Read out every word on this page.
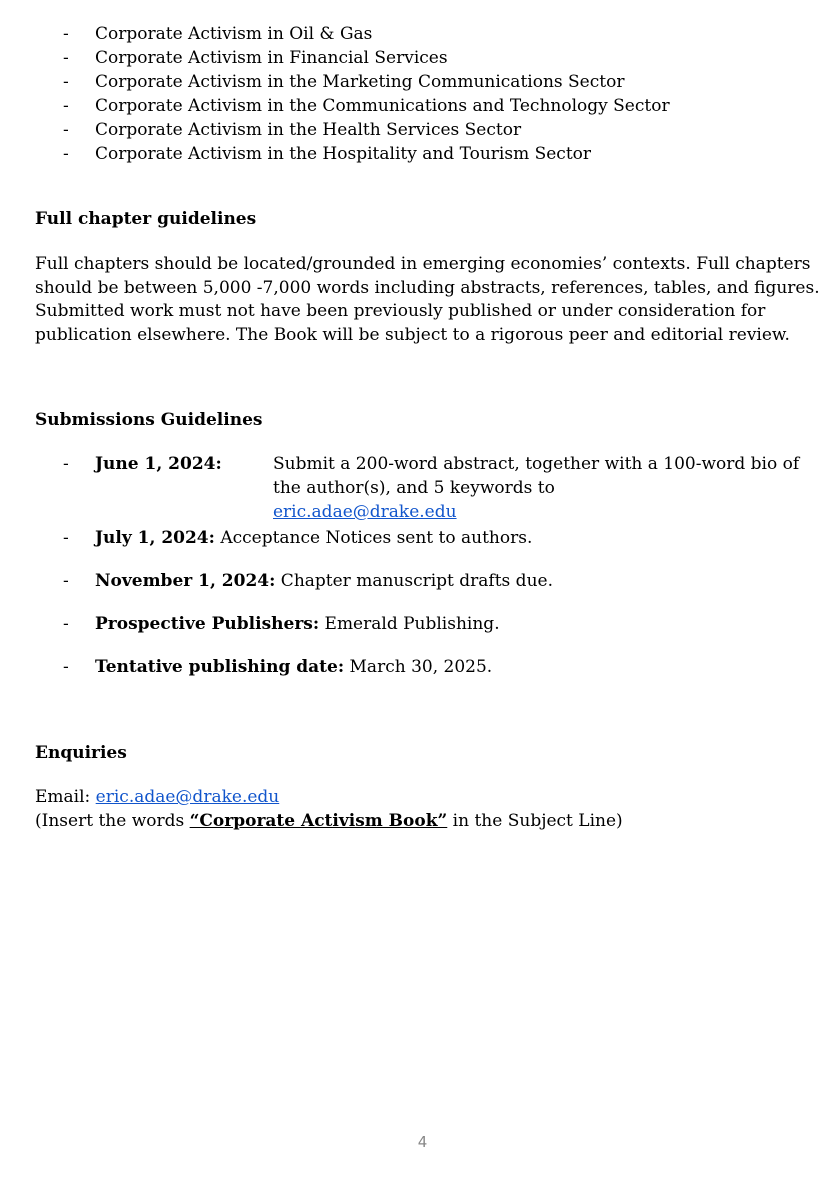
- Corporate Activism in Oil & Gas
- Corporate Activism in Financial Services
- Corporate Activism in the Marketing Communications Sector
- Corporate Activism in the Communications and Technology Sector
- Corporate Activism in the Health Services Sector
- Corporate Activism in the Hospitality and Tourism Sector
Full chapter guidelines

Full chapters should be located/grounded in emerging economies’ contexts. Full chapters
should be between 5,000 -7,000 words including abstracts, references, tables, and figures.
Submitted work must not have been previously published or under consideration for
publication elsewhere. The Book will be subject to a rigorous peer and editorial review.

Submissions Guidelines
- June 1, 2024:	Submit a 200-word abstract, together with a 100-word bio of
the author(s), and 5 keywords to
eric.adae@drake.edu
- July 1, 2024: Acceptance Notices sent to authors.
- November 1, 2024: Chapter manuscript drafts due.
- Prospective Publishers: Emerald Publishing.
- Tentative publishing date: March 30, 2025.
Enquiries
Email: eric.adae@drake.edu
(Insert the words “Corporate Activism Book” in the Subject Line)
4
